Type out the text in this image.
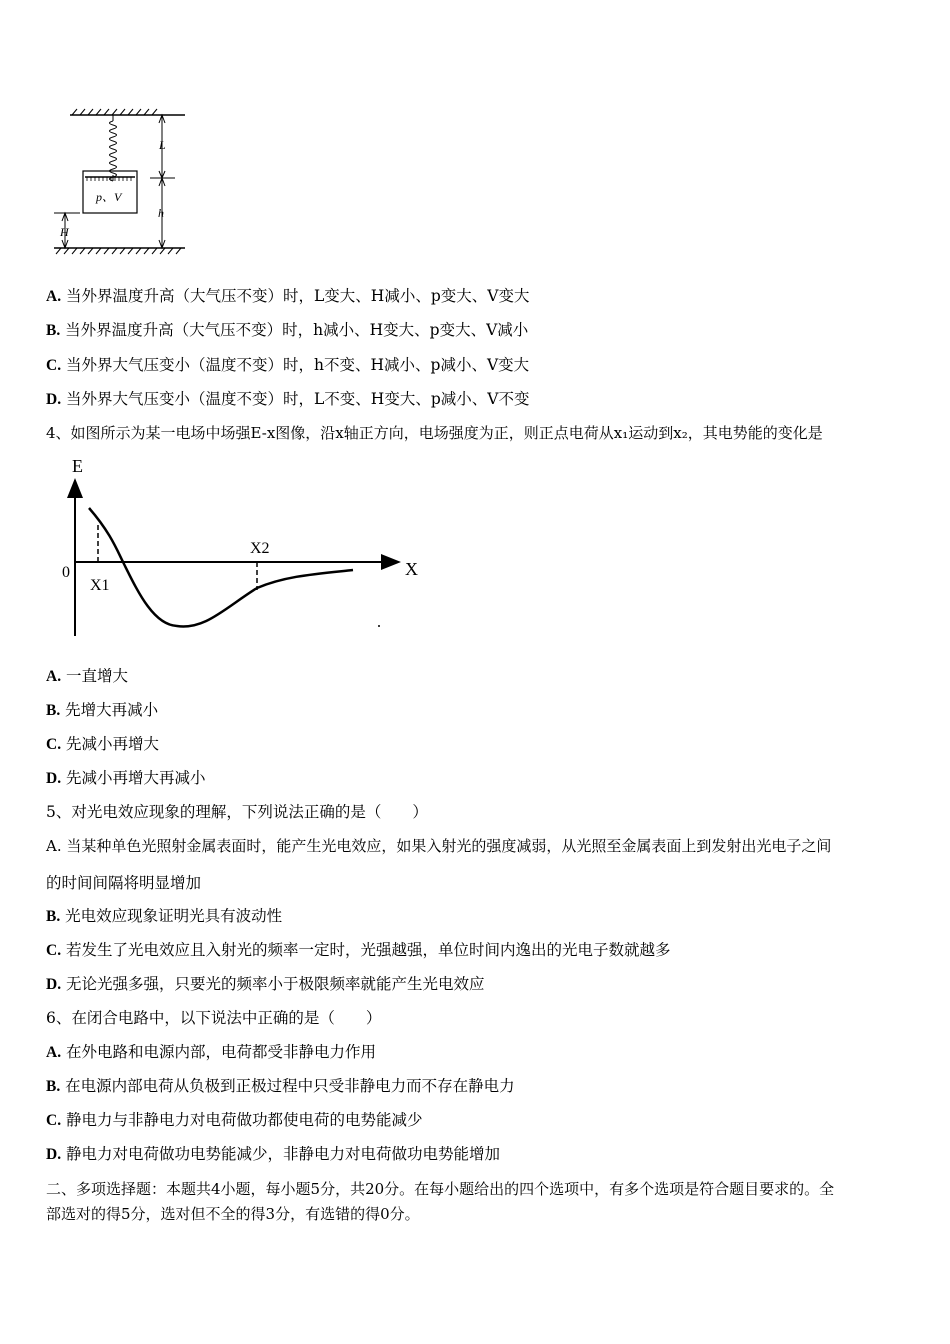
p、V
L
h
H
A. 当外界温度升高（大气压不变）时，L变大、H减小、p变大、V变大
B. 当外界温度升高（大气压不变）时，h减小、H变大、p变大、V减小
C. 当外界大气压变小（温度不变）时，h不变、H减小、p减小、V变大
D. 当外界大气压变小（温度不变）时，L不变、H变大、p减小、V不变
4、如图所示为某一电场中场强E-x图像，沿x轴正方向，电场强度为正，则正点电荷从x₁运动到x₂，其电势能的变化是
E
X
0
X1
X2
A. 一直增大
B. 先增大再减小
C. 先减小再增大
D. 先减小再增大再减小
5、对光电效应现象的理解，下列说法正确的是（　　）
A. 当某种单色光照射金属表面时，能产生光电效应，如果入射光的强度减弱，从光照至金属表面上到发射出光电子之间
的时间间隔将明显增加
B. 光电效应现象证明光具有波动性
C. 若发生了光电效应且入射光的频率一定时，光强越强，单位时间内逸出的光电子数就越多
D. 无论光强多强，只要光的频率小于极限频率就能产生光电效应
6、在闭合电路中，以下说法中正确的是（　　）
A. 在外电路和电源内部，电荷都受非静电力作用
B. 在电源内部电荷从负极到正极过程中只受非静电力而不存在静电力
C. 静电力与非静电力对电荷做功都使电荷的电势能减少
D. 静电力对电荷做功电势能减少，非静电力对电荷做功电势能增加
二、多项选择题：本题共4小题，每小题5分，共20分。在每小题给出的四个选项中，有多个选项是符合题目要求的。全
部选对的得5分，选对但不全的得3分，有选错的得0分。
